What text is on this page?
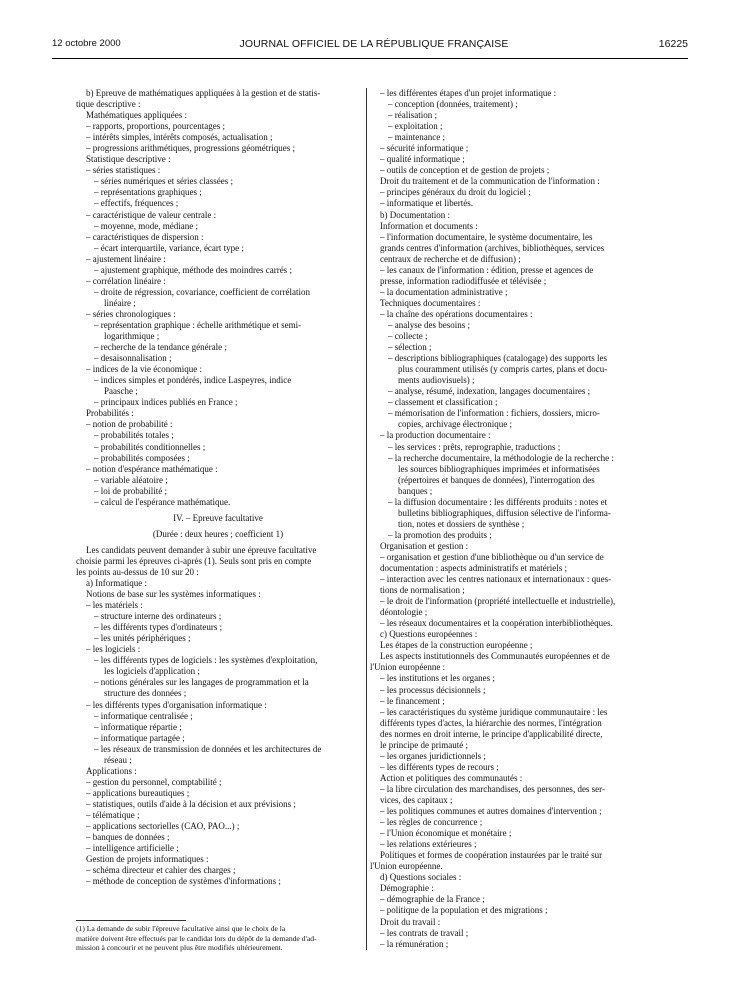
12 octobre 2000	JOURNAL OFFICIEL DE LA RÉPUBLIQUE FRANÇAISE	16225
b) Epreuve de mathématiques appliquées à la gestion et de statis-
tique descriptive :
Mathématiques appliquées :
– rapports, proportions, pourcentages ;
– intérêts simples, intérêts composés, actualisation ;
– progressions arithmétiques, progressions géométriques ;
Statistique descriptive :
– séries statistiques :
– séries numériques et séries classées ;
– représentations graphiques ;
– effectifs, fréquences ;
– caractéristique de valeur centrale :
– moyenne, mode, médiane ;
– caractéristiques de dispersion :
– écart interquartile, variance, écart type ;
– ajustement linéaire :
– ajustement graphique, méthode des moindres carrés ;
– corrélation linéaire :
– droite de régression, covariance, coefficient de corrélation
linéaire ;
– séries chronologiques :
– représentation graphique : échelle arithmétique et semi-
logarithmique ;
– recherche de la tendance générale ;
– desaisonnalisation ;
– indices de la vie économique :
– indices simples et pondérés, indice Laspeyres, indice
Paasche ;
– principaux indices publiés en France ;
Probabilités :
– notion de probabilité :
– probabilités totales ;
– probabilités conditionnelles ;
– probabilités composées ;
– notion d'espérance mathématique :
– variable aléatoire ;
– loi de probabilité ;
– calcul de l'espérance mathématique.
IV. – Epreuve facultative
(Durée : deux heures ; coefficient 1)
Les candidats peuvent demander à subir une épreuve facultative
choisie parmi les épreuves ci-après (1). Seuls sont pris en compte
les points au-dessus de 10 sur 20 :
a) Informatique :
Notions de base sur les systèmes informatiques :
– les matériels :
– structure interne des ordinateurs ;
– les différents types d'ordinateurs ;
– les unités périphériques ;
– les logiciels :
– les différents types de logiciels : les systèmes d'exploitation,
les logiciels d'application ;
– notions générales sur les langages de programmation et la
structure des données ;
– les différents types d'organisation informatique :
– informatique centralisée ;
– informatique répartie ;
– informatique partagée ;
– les réseaux de transmission de données et les architectures de
réseau ;
Applications :
– gestion du personnel, comptabilité ;
– applications bureautiques ;
– statistiques, outils d'aide à la décision et aux prévisions ;
– télématique ;
– applications sectorielles (CAO, PAO...) ;
– banques de données ;
– intelligence artificielle ;
Gestion de projets informatiques :
– schéma directeur et cahier des charges ;
– méthode de conception de systèmes d'informations ;
– les différentes étapes d'un projet informatique :
– conception (données, traitement) ;
– réalisation ;
– exploitation ;
– maintenance ;
– sécurité informatique ;
– qualité informatique ;
– outils de conception et de gestion de projets ;
Droit du traitement et de la communication de l'information :
– principes généraux du droit du logiciel ;
– informatique et libertés.
b) Documentation :
Information et documents :
– l'information documentaire, le système documentaire, les
grands centres d'information (archives, bibliothèques, services
centraux de recherche et de diffusion) ;
– les canaux de l'information : édition, presse et agences de
presse, information radiodiffusée et télévisée ;
– la documentation administrative ;
Techniques documentaires :
– la chaîne des opérations documentaires :
– analyse des besoins ;
– collecte ;
– sélection ;
– descriptions bibliographiques (catalogage) des supports les
plus couramment utilisés (y compris cartes, plans et docu-
ments audiovisuels) ;
– analyse, résumé, indexation, langages documentaires ;
– classement et classification ;
– mémorisation de l'information : fichiers, dossiers, micro-
copies, archivage électronique ;
– la production documentaire :
– les services : prêts, reprographie, traductions ;
– la recherche documentaire, la méthodologie de la recherche :
les sources bibliographiques imprimées et informatisées
(répertoires et banques de données), l'interrogation des
banques ;
– la diffusion documentaire : les différents produits : notes et
bulletins bibliographiques, diffusion sélective de l'informa-
tion, notes et dossiers de synthèse ;
– la promotion des produits ;
Organisation et gestion :
– organisation et gestion d'une bibliothèque ou d'un service de
documentation : aspects administratifs et matériels ;
– interaction avec les centres nationaux et internationaux : ques-
tions de normalisation ;
– le droit de l'information (propriété intellectuelle et industrielle),
déontologie ;
– les réseaux documentaires et la coopération interbibliothèques.
c) Questions européennes :
Les étapes de la construction européenne ;
Les aspects institutionnels des Communautés européennes et de
l'Union européenne :
– les institutions et les organes ;
– les processus décisionnels ;
– le financement ;
– les caractéristiques du système juridique communautaire : les
différents types d'actes, la hiérarchie des normes, l'intégration
des normes en droit interne, le principe d'applicabilité directe,
le principe de primauté ;
– les organes juridictionnels ;
– les différents types de recours ;
Action et politiques des communautés :
– la libre circulation des marchandises, des personnes, des ser-
vices, des capitaux ;
– les politiques communes et autres domaines d'intervention ;
– les règles de concurrence ;
– l'Union économique et monétaire ;
– les relations extérieures ;
Politiques et formes de coopération instaurées par le traité sur
l'Union européenne.
d) Questions sociales :
Démographie :
– démographie de la France ;
– politique de la population et des migrations ;
Droit du travail :
– les contrats de travail ;
– la rémunération ;
(1) La demande de subir l'épreuve facultative ainsi que le choix de la
matière doivent être effectués par le candidat lors du dépôt de la demande d'ad-
mission à concourir et ne peuvent plus être modifiés ultérieurement.
